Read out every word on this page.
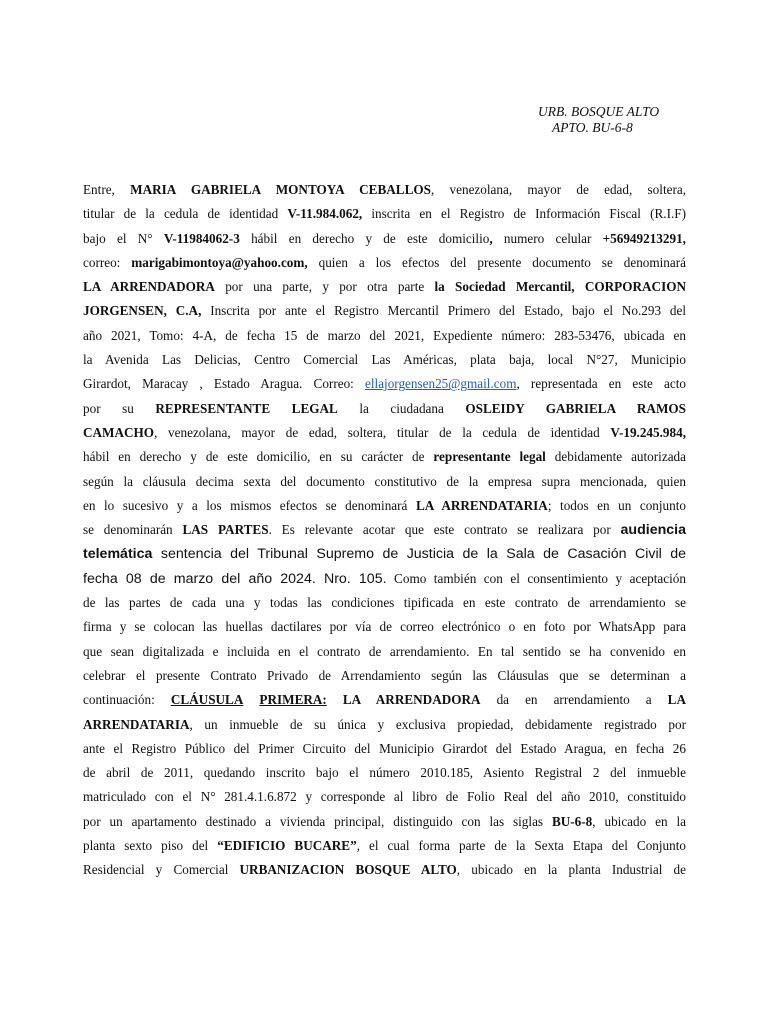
URB. BOSQUE ALTO
APTO. BU-6-8
Entre, MARIA GABRIELA MONTOYA CEBALLOS, venezolana, mayor de edad, soltera,
titular de la cedula de identidad V-11.984.062, inscrita en el Registro de Información Fiscal (R.I.F)
bajo el N° V-11984062-3 hábil en derecho y de este domicilio, numero celular +56949213291,
correo: marigabimontoya@yahoo.com, quien a los efectos del presente documento se denominará
LA ARRENDADORA por una parte, y por otra parte la Sociedad Mercantil, CORPORACION
JORGENSEN, C.A, Inscrita por ante el Registro Mercantil Primero del Estado, bajo el No.293 del
año 2021, Tomo: 4-A, de fecha 15 de marzo del 2021, Expediente número: 283-53476, ubicada en
la Avenida Las Delicias, Centro Comercial Las Américas, plata baja, local N°27, Municipio
Girardot, Maracay , Estado Aragua. Correo: ellajorgensen25@gmail.com, representada en este acto
por su REPRESENTANTE LEGAL la ciudadana OSLEIDY GABRIELA RAMOS
CAMACHO, venezolana, mayor de edad, soltera, titular de la cedula de identidad V-19.245.984,
hábil en derecho y de este domicilio, en su carácter de representante legal debidamente autorizada
según la cláusula decima sexta del documento constitutivo de la empresa supra mencionada, quien
en lo sucesivo y a los mismos efectos se denominará LA ARRENDATARIA; todos en un conjunto
se denominarán LAS PARTES. Es relevante acotar que este contrato se realizara por audiencia
telemática sentencia del Tribunal Supremo de Justicia de la Sala de Casación Civil de
fecha 08 de marzo del año 2024. Nro. 105. Como también con el consentimiento y aceptación
de las partes de cada una y todas las condiciones tipificada en este contrato de arrendamiento se
firma y se colocan las huellas dactilares por vía de correo electrónico o en foto por WhatsApp para
que sean digitalizada e incluida en el contrato de arrendamiento. En tal sentido se ha convenido en
celebrar el presente Contrato Privado de Arrendamiento según las Cláusulas que se determinan a
continuación: CLÁUSULA PRIMERA: LA ARRENDADORA da en arrendamiento a LA
ARRENDATARIA, un inmueble de su única y exclusiva propiedad, debidamente registrado por
ante el Registro Público del Primer Circuito del Municipio Girardot del Estado Aragua, en fecha 26
de abril de 2011, quedando inscrito bajo el número 2010.185, Asiento Registral 2 del inmueble
matriculado con el N° 281.4.1.6.872 y corresponde al libro de Folio Real del año 2010, constituido
por un apartamento destinado a vivienda principal, distinguido con las siglas BU-6-8, ubicado en la
planta sexto piso del “EDIFICIO BUCARE”, el cual forma parte de la Sexta Etapa del Conjunto
Residencial y Comercial URBANIZACION BOSQUE ALTO, ubicado en la planta Industrial de
